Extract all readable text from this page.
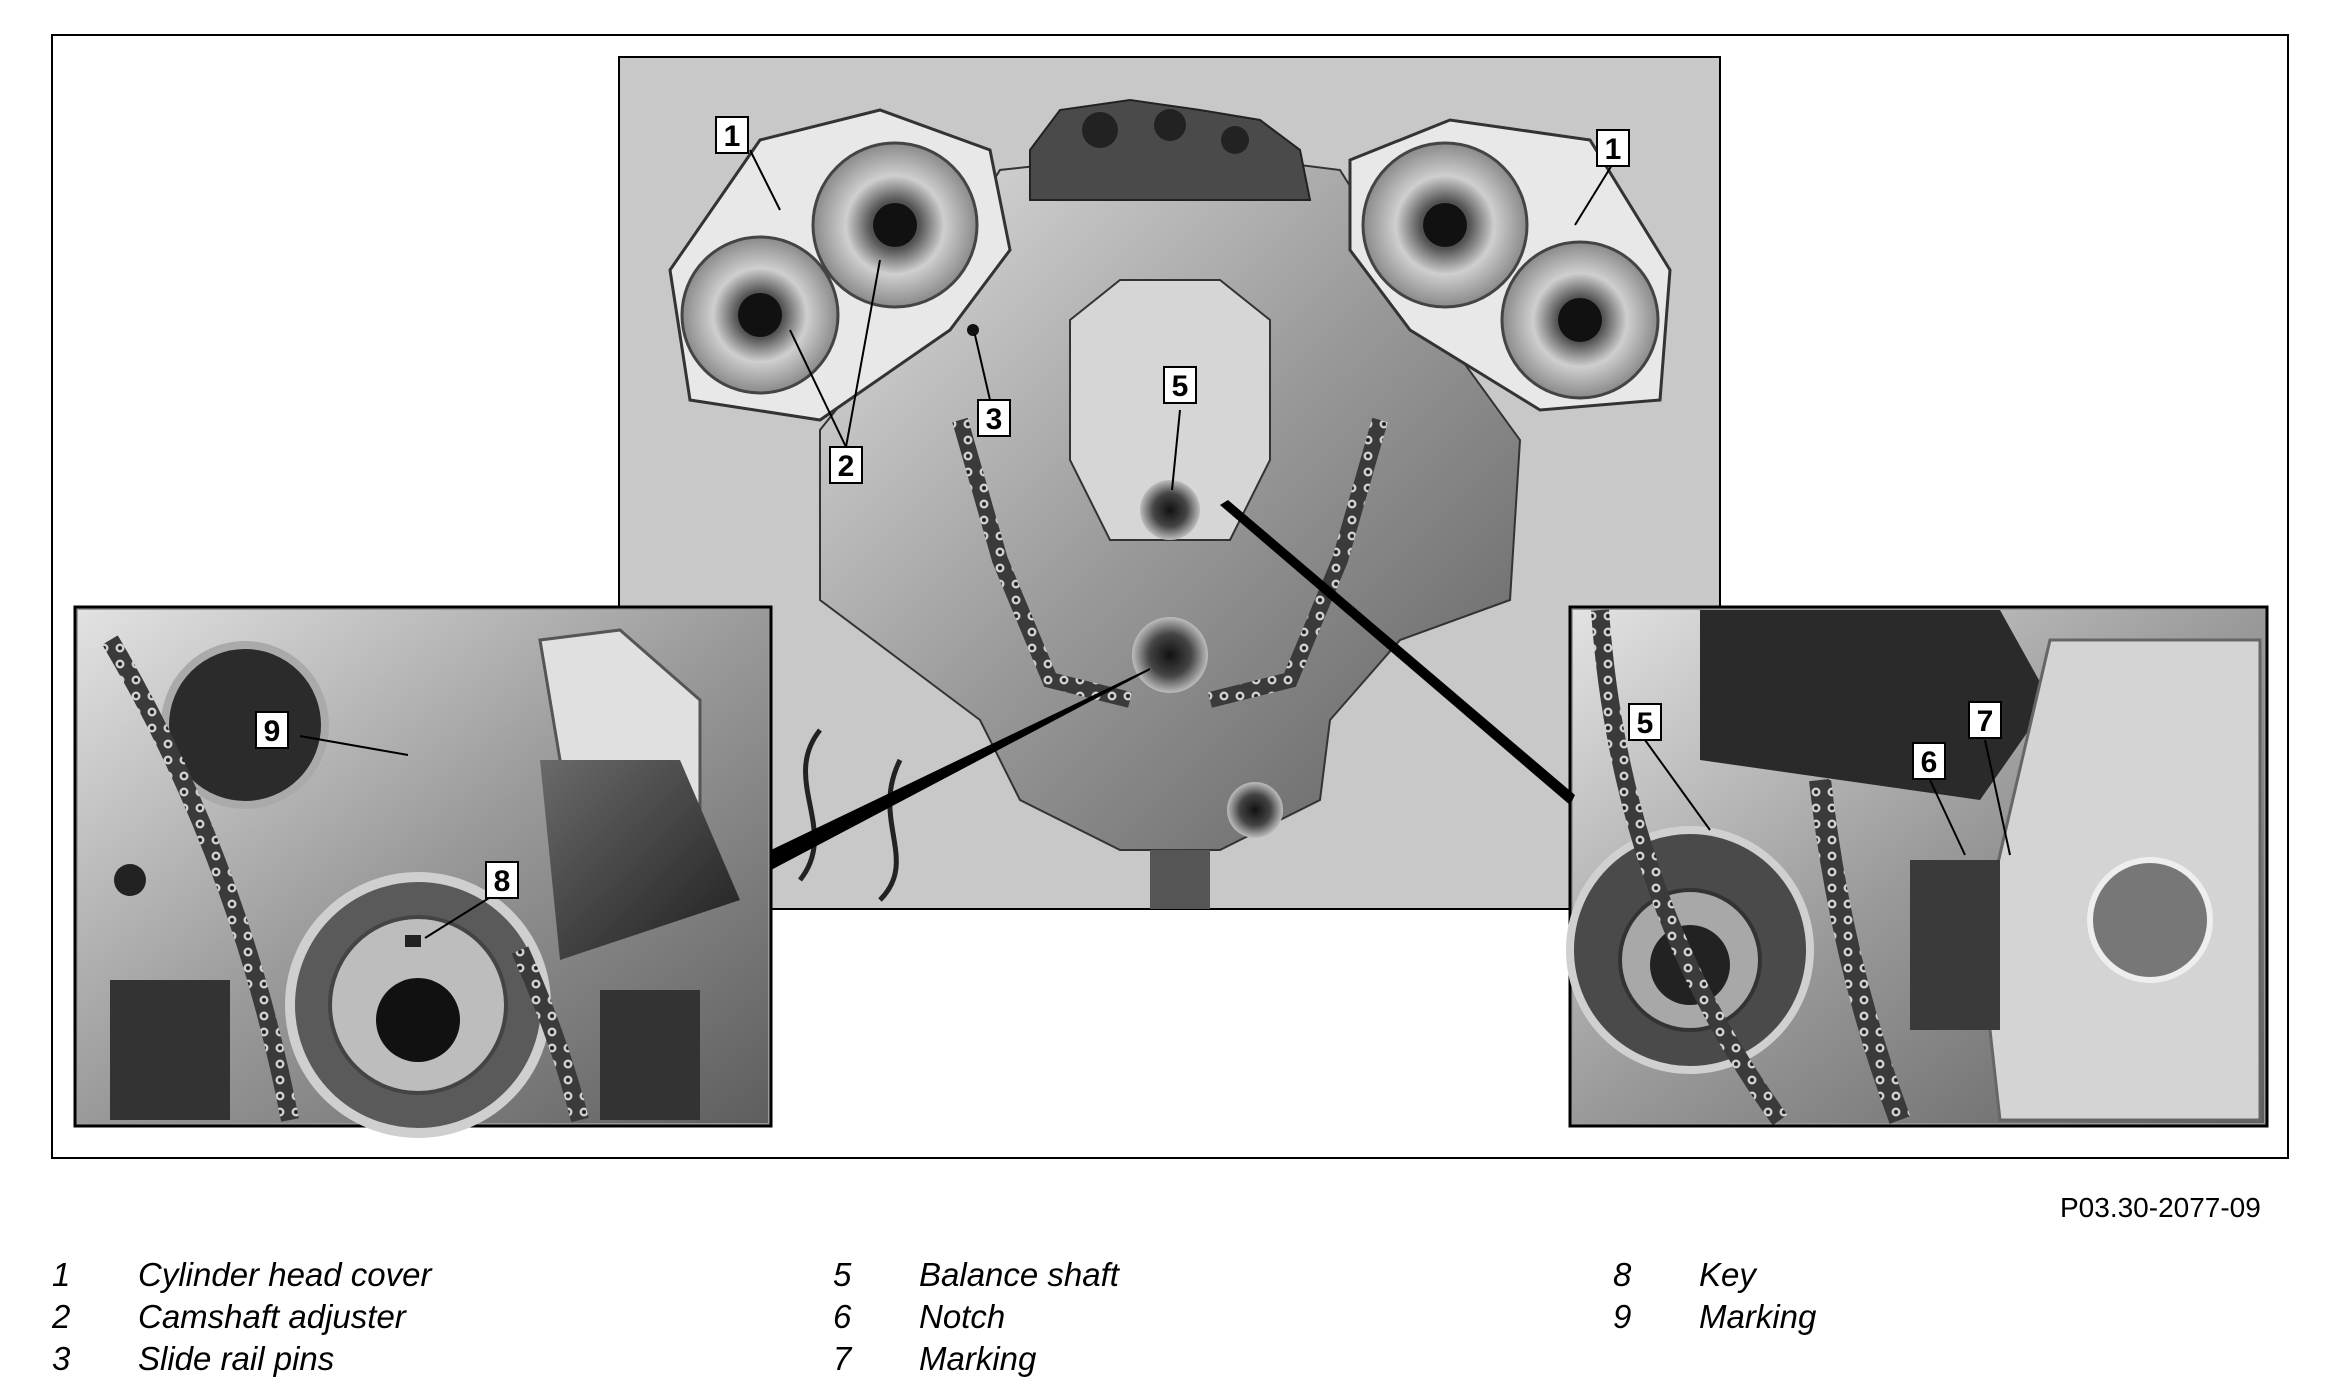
1	1
2
3
5
9
8
5
6
7
P03.30-2077-09
1	Cylinder head cover
2	Camshaft adjuster
3	Slide rail pins
5	Balance shaft
6	Notch
7	Marking
8	Key
9	Marking
